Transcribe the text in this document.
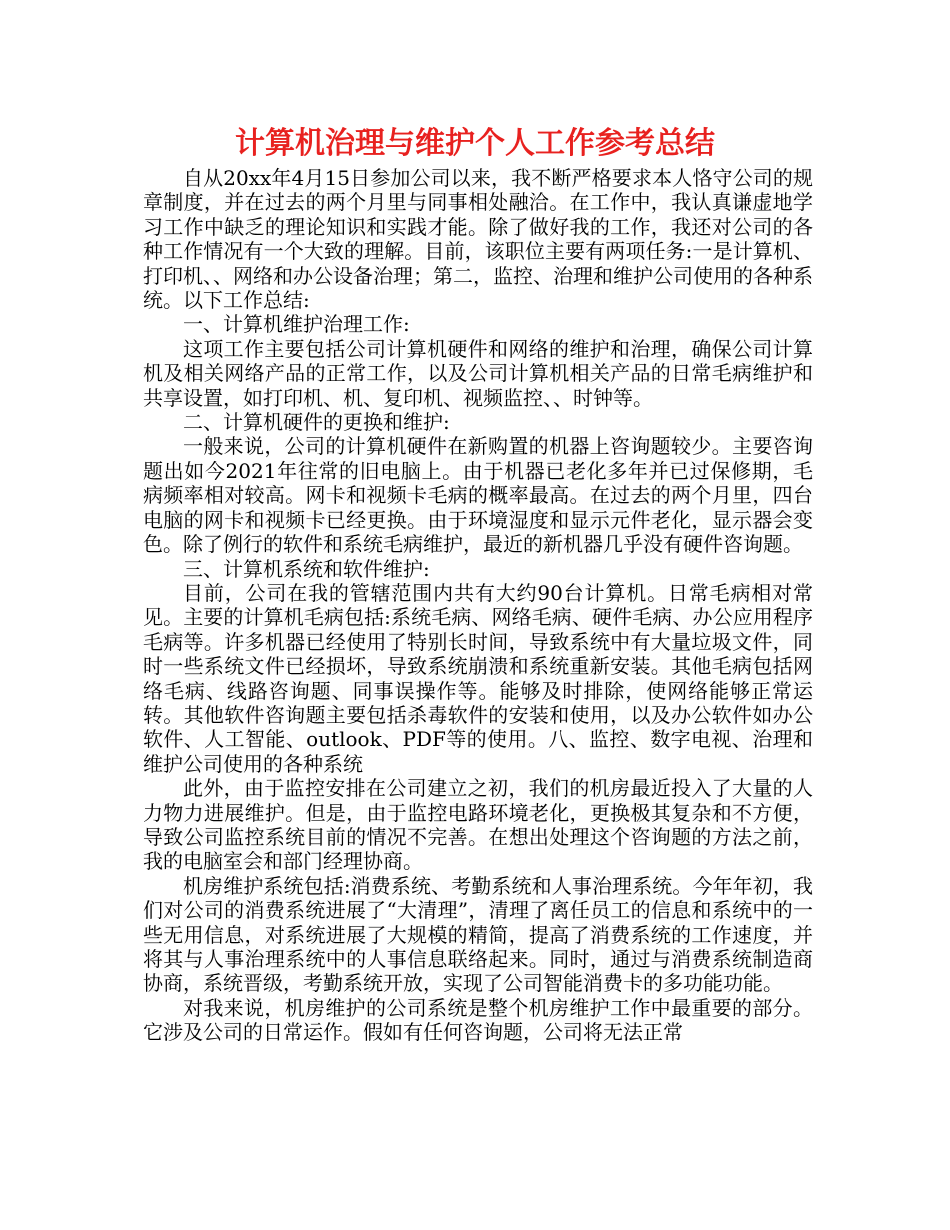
计算机治理与维护个人工作参考总结

自从20xx年4月15日参加公司以来，我不断严格要求本人恪守公司的规章制度，并在过去的两个月里与同事相处融洽。在工作中，我认真谦虚地学习工作中缺乏的理论知识和实践才能。除了做好我的工作，我还对公司的各种工作情况有一个大致的理解。目前，该职位主要有两项任务:一是计算机、打印机、、网络和办公设备治理；第二，监控、治理和维护公司使用的各种系统。以下工作总结:

一、计算机维护治理工作:

这项工作主要包括公司计算机硬件和网络的维护和治理，确保公司计算机及相关网络产品的正常工作，以及公司计算机相关产品的日常毛病维护和共享设置，如打印机、机、复印机、视频监控、、时钟等。

二、计算机硬件的更换和维护:

一般来说，公司的计算机硬件在新购置的机器上咨询题较少。主要咨询题出如今2021年往常的旧电脑上。由于机器已老化多年并已过保修期，毛病频率相对较高。网卡和视频卡毛病的概率最高。在过去的两个月里，四台电脑的网卡和视频卡已经更换。由于环境湿度和显示元件老化，显示器会变色。除了例行的软件和系统毛病维护，最近的新机器几乎没有硬件咨询题。

三、计算机系统和软件维护:

目前，公司在我的管辖范围内共有大约90台计算机。日常毛病相对常见。主要的计算机毛病包括:系统毛病、网络毛病、硬件毛病、办公应用程序毛病等。许多机器已经使用了特别长时间，导致系统中有大量垃圾文件，同时一些系统文件已经损坏，导致系统崩溃和系统重新安装。其他毛病包括网络毛病、线路咨询题、同事误操作等。能够及时排除，使网络能够正常运转。其他软件咨询题主要包括杀毒软件的安装和使用，以及办公软件如办公软件、人工智能、outlook、PDF等的使用。八、监控、数字电视、治理和维护公司使用的各种系统

此外，由于监控安排在公司建立之初，我们的机房最近投入了大量的人力物力进展维护。但是，由于监控电路环境老化，更换极其复杂和不方便，导致公司监控系统目前的情况不完善。在想出处理这个咨询题的方法之前，我的电脑室会和部门经理协商。

机房维护系统包括:消费系统、考勤系统和人事治理系统。今年年初，我们对公司的消费系统进展了“大清理”，清理了离任员工的信息和系统中的一些无用信息，对系统进展了大规模的精简，提高了消费系统的工作速度，并将其与人事治理系统中的人事信息联络起来。同时，通过与消费系统制造商协商，系统晋级，考勤系统开放，实现了公司智能消费卡的多功能功能。

对我来说，机房维护的公司系统是整个机房维护工作中最重要的部分。它涉及公司的日常运作。假如有任何咨询题，公司将无法正常
